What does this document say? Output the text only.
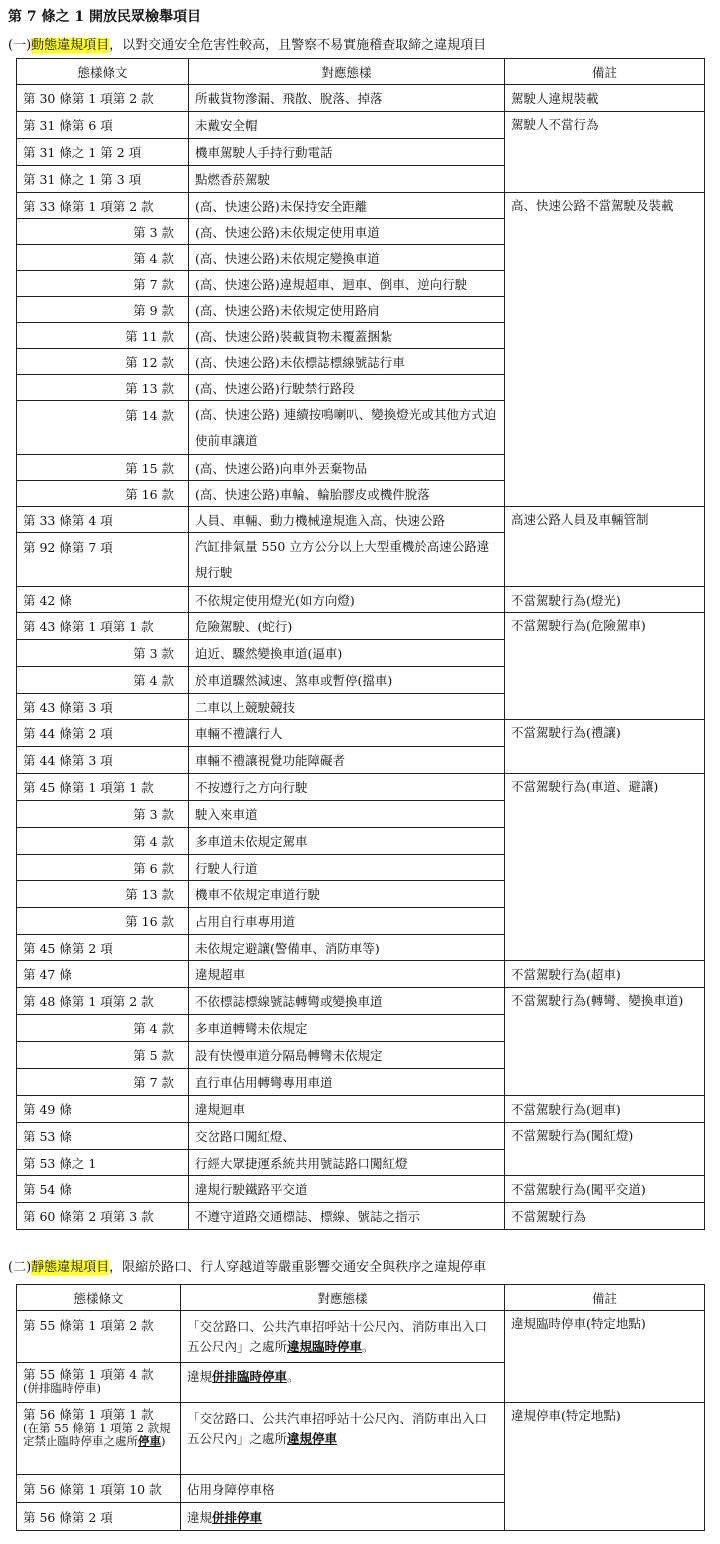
第 7 條之 1 開放民眾檢舉項目
(一)動態違規項目，以對交通安全危害性較高，且警察不易實施稽查取締之違規項目
態樣條文	對應態樣	備註
第 30 條第 1 項第 2 款	所載貨物滲漏、飛散、脫落、掉落	駕駛人違規裝載
第 31 條第 6 項	未戴安全帽	駕駛人不當行為
第 31 條之 1 第 2 項	機車駕駛人手持行動電話	
第 31 條之 1 第 3 項	點燃香菸駕駛	
第 33 條第 1 項第 2 款	(高、快速公路)未保持安全距離	高、快速公路不當駕駛及裝載
第 3 款	(高、快速公路)未依規定使用車道	
第 4 款	(高、快速公路)未依規定變換車道	
第 7 款	(高、快速公路)違規超車、迴車、倒車、逆向行駛	
第 9 款	(高、快速公路)未依規定使用路肩	
第 11 款	(高、快速公路)裝載貨物未覆蓋捆紮	
第 12 款	(高、快速公路)未依標誌標線號誌行車	
第 13 款	(高、快速公路)行駛禁行路段	
第 14 款	(高、快速公路) 連續按鳴喇叭、變換燈光或其他方式迫使前車讓道	
第 15 款	(高、快速公路)向車外丟棄物品	
第 16 款	(高、快速公路)車輪、輪胎膠皮或機件脫落	
第 33 條第 4 項	人員、車輛、動力機械違規進入高、快速公路	高速公路人員及車輛管制
第 92 條第 7 項	汽缸排氣量 550 立方公分以上大型重機於高速公路違規行駛	
第 42 條	不依規定使用燈光(如方向燈)	不當駕駛行為(燈光)
第 43 條第 1 項第 1 款	危險駕駛、(蛇行)	不當駕駛行為(危險駕車)
第 3 款	迫近、驟然變換車道(逼車)	
第 4 款	於車道驟然減速、煞車或暫停(擋車)	
第 43 條第 3 項	二車以上競駛競技	
第 44 條第 2 項	車輛不禮讓行人	不當駕駛行為(禮讓)
第 44 條第 3 項	車輛不禮讓視覺功能障礙者	
第 45 條第 1 項第 1 款	不按遵行之方向行駛	不當駕駛行為(車道、避讓)
第 3 款	駛入來車道	
第 4 款	多車道未依規定駕車	
第 6 款	行駛人行道	
第 13 款	機車不依規定車道行駛	
第 16 款	占用自行車專用道	
第 45 條第 2 項	未依規定避讓(警備車、消防車等)	
第 47 條	違規超車	不當駕駛行為(超車)
第 48 條第 1 項第 2 款	不依標誌標線號誌轉彎或變換車道	不當駕駛行為(轉彎、變換車道)
第 4 款	多車道轉彎未依規定	
第 5 款	設有快慢車道分隔島轉彎未依規定	
第 7 款	直行車佔用轉彎專用車道	
第 49 條	違規迴車	不當駕駛行為(迴車)
第 53 條	交岔路口闖紅燈、	不當駕駛行為(闖紅燈)
第 53 條之 1	行經大眾捷運系統共用號誌路口闖紅燈	
第 54 條	違規行駛鐵路平交道	不當駕駛行為(闖平交道)
第 60 條第 2 項第 3 款	不遵守道路交通標誌、標線、號誌之指示	不當駕駛行為
(二)靜態違規項目，限縮於路口、行人穿越道等嚴重影響交通安全與秩序之違規停車
態樣條文	對應態樣	備註
第 55 條第 1 項第 2 款	「交岔路口、公共汽車招呼站十公尺內、消防車出入口五公尺內」之處所違規臨時停車。	違規臨時停車(特定地點)

第 55 條第 1 項第 4 款
(併排臨時停車)	違規併排臨時停車。	

第 56 條第 1 項第 1 款
(在第 55 條第 1 項第 2 款規定禁止臨時停車之處所停車)	「交岔路口、公共汽車招呼站十公尺內、消防車出入口五公尺內」之處所違規停車	違規停車(特定地點)
第 56 條第 1 項第 10 款	佔用身障停車格	
第 56 條第 2 項	違規併排停車	
